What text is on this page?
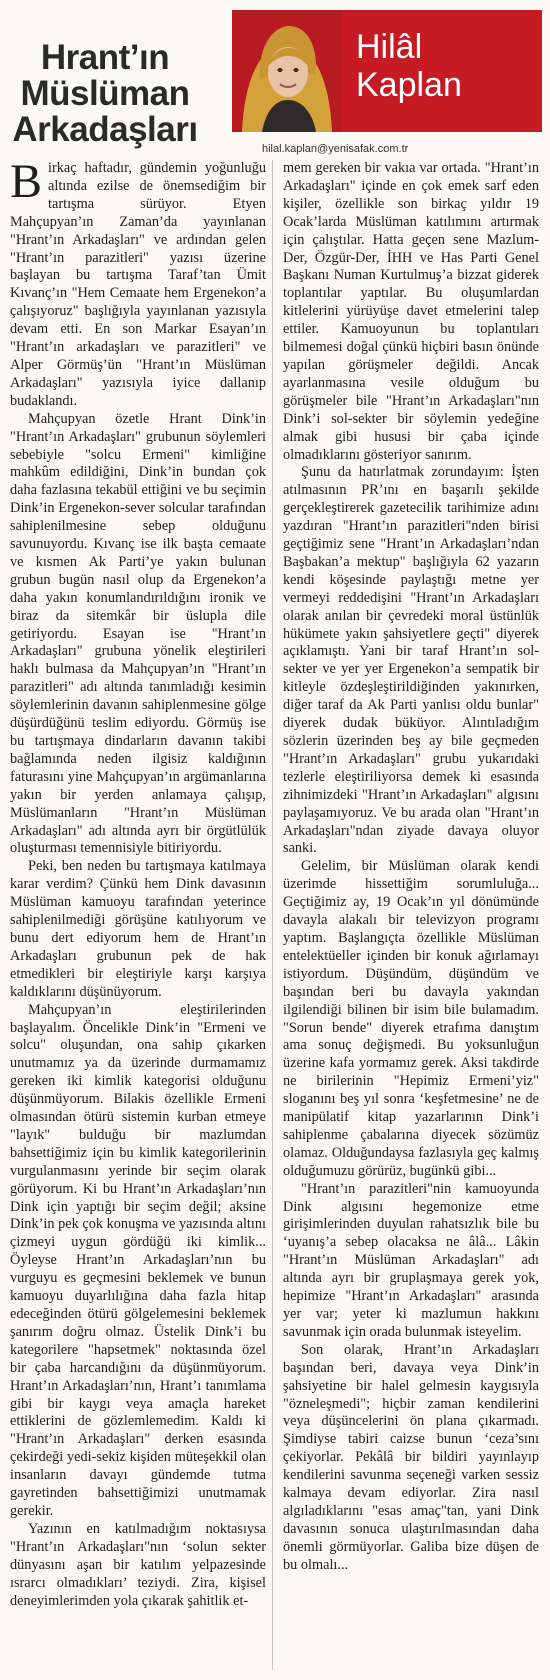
Hrant’ın Müslüman Arkadaşları
Hilâl Kaplan
hilal.kaplan@yenisafak.com.tr

Birkaç haftadır, gündemin yoğunluğu altında ezilse de önemsediğim bir tartışma sürüyor. Etyen Mahçupyan’ın Zaman’da yayınlanan "Hrant’ın Arkadaşları" ve ardından gelen "Hrant’ın parazitleri" yazısı üzerine başlayan bu tartışma Taraf’tan Ümit Kıvanç’ın "Hem Cemaate hem Ergenekon’a çalışıyoruz" başlığıyla yayınlanan yazısıyla devam etti. En son Markar Esayan’ın "Hrant’ın arkadaşları ve parazitleri" ve Alper Görmüş’ün "Hrant’ın Müslüman Arkadaşları" yazısıyla iyice dallanıp budaklandı.

Mahçupyan özetle Hrant Dink’in "Hrant’ın Arkadaşları" grubunun söylemleri sebebiyle "solcu Ermeni" kimliğine mahkûm edildiğini, Dink’in bundan çok daha fazlasına tekabül ettiğini ve bu seçimin Dink’in Ergenekon-sever solcular tarafından sahiplenilmesine sebep olduğunu savunuyordu. Kıvanç ise ilk başta cemaate ve kısmen Ak Parti’ye yakın bulunan grubun bugün nasıl olup da Ergenekon’a daha yakın konumlandırıldığını ironik ve biraz da sitemkâr bir üslupla dile getiriyordu. Esayan ise "Hrant’ın Arkadaşları" grubuna yönelik eleştirileri haklı bulmasa da Mahçupyan’ın "Hrant’ın parazitleri" adı altında tanımladığı kesimin söylemlerinin davanın sahiplenmesine gölge düşürdüğünü teslim ediyordu. Görmüş ise bu tartışmaya dindarların davanın takibi bağlamında neden ilgisiz kaldığının faturasını yine Mahçupyan’ın argümanlarına yakın bir yerden anlamaya çalışıp, Müslümanların "Hrant’ın Müslüman Arkadaşları" adı altında ayrı bir örgütlülük oluşturması temennisiyle bitiriyordu.

Peki, ben neden bu tartışmaya katılmaya karar verdim? Çünkü hem Dink davasının Müslüman kamuoyu tarafından yeterince sahiplenilmediği görüşüne katılıyorum ve bunu dert ediyorum hem de Hrant’ın Arkadaşları grubunun pek de hak etmedikleri bir eleştiriyle karşı karşıya kaldıklarını düşünüyorum.

Mahçupyan’ın eleştirilerinden başlayalım. Öncelikle Dink’in "Ermeni ve solcu" oluşundan, ona sahip çıkarken unutmamız ya da üzerinde durmamamız gereken iki kimlik kategorisi olduğunu düşünmüyorum. Bilakis özellikle Ermeni olmasından ötürü sistemin kurban etmeye "layık" bulduğu bir mazlumdan bahsettiğimiz için bu kimlik kategorilerinin vurgulanmasını yerinde bir seçim olarak görüyorum. Ki bu Hrant’ın Arkadaşları’nın Dink için yaptığı bir seçim değil; aksine Dink’in pek çok konuşma ve yazısında altını çizmeyi uygun gördüğü iki kimlik... Öyleyse Hrant’ın Arkadaşları’nın bu vurguyu es geçmesini beklemek ve bunun kamuoyu duyarlılığına daha fazla hitap edeceğinden ötürü gölgelemesini beklemek şanırım doğru olmaz. Üstelik Dink’i bu kategorilere "hapsetmek" noktasında özel bir çaba harcandığını da düşünmüyorum. Hrant’ın Arkadaşları’nın, Hrant’ı tanımlama gibi bir kaygı veya amaçla hareket ettiklerini de gözlemlemedim. Kaldı ki "Hrant’ın Arkadaşları" derken esasında çekirdeği yedi-sekiz kişiden müteşekkil olan insanların davayı gündemde tutma gayretinden bahsettiğimizi unutmamak gerekir.

Yazının en katılmadığım noktasıysa "Hrant’ın Arkadaşları"nın ‘solun sekter dünyasını aşan bir katılım yelpazesinde ısrarcı olmadıkları’ teziydi. Zira, kişisel deneyimlerimden yola çıkarak şahitlik et-

mem gereken bir vakıa var ortada. "Hrant’ın Arkadaşları" içinde en çok emek sarf eden kişiler, özellikle son birkaç yıldır 19 Ocak’larda Müslüman katılımını artırmak için çalıştılar. Hatta geçen sene Mazlum-Der, Özgür-Der, İHH ve Has Parti Genel Başkanı Numan Kurtulmuş’a bizzat giderek toplantılar yaptılar. Bu oluşumlardan kitlelerini yürüyüşe davet etmelerini talep ettiler. Kamuoyunun bu toplantıları bilmemesi doğal çünkü hiçbiri basın önünde yapılan görüşmeler değildi. Ancak ayarlanmasına vesile olduğum bu görüşmeler bile "Hrant’ın Arkadaşları"nın Dink’i sol-sekter bir söylemin yedeğine almak gibi hususi bir çaba içinde olmadıklarını gösteriyor sanırım.

Şunu da hatırlatmak zorundayım: İşten atılmasının PR’ını en başarılı şekilde gerçekleştirerek gazetecilik tarihimize adını yazdıran "Hrant’ın parazitleri"nden birisi geçtiğimiz sene "Hrant’ın Arkadaşları’ndan Başbakan’a mektup" başlığıyla 62 yazarın kendi köşesinde paylaştığı metne yer vermeyi reddedişini "Hrant’ın Arkadaşları olarak anılan bir çevredeki moral üstünlük hükümete yakın şahsiyetlere geçti" diyerek açıklamıştı. Yani bir taraf Hrant’ın sol-sekter ve yer yer Ergenekon’a sempatik bir kitleyle özdeşleştirildiğinden yakınırken, diğer taraf da Ak Parti yanlısı oldu bunlar" diyerek dudak büküyor. Alıntıladığım sözlerin üzerinden beş ay bile geçmeden "Hrant’ın Arkadaşları" grubu yukarıdaki tezlerle eleştiriliyorsa demek ki esasında zihnimizdeki "Hrant’ın Arkadaşları" algısını paylaşamıyoruz. Ve bu arada olan "Hrant’ın Arkadaşları"ndan ziyade davaya oluyor sanki.

Gelelim, bir Müslüman olarak kendi üzerimde hissettiğim sorumluluğa... Geçtiğimiz ay, 19 Ocak’ın yıl dönümünde davayla alakalı bir televizyon programı yaptım. Başlangıçta özellikle Müslüman entelektüeller içinden bir konuk ağırlamayı istiyordum. Düşündüm, düşündüm ve başından beri bu davayla yakından ilgilendiği bilinen bir isim bile bulamadım. "Sorun bende" diyerek etrafıma danıştım ama sonuç değişmedi. Bu yoksunluğun üzerine kafa yormamız gerek. Aksi takdirde ne birilerinin "Hepimiz Ermeni’yiz" sloganını beş yıl sonra ‘keşfetmesine’ ne de manipülatif kitap yazarlarının Dink’i sahiplenme çabalarına diyecek sözümüz olamaz. Olduğundaysa fazlasıyla geç kalmış olduğumuzu görürüz, bugünkü gibi...

"Hrant’ın parazitleri"nin kamuoyunda Dink algısını hegemonize etme girişimlerinden duyulan rahatsızlık bile bu ‘uyanış’a sebep olacaksa ne âlâ... Lâkin "Hrant’ın Müslüman Arkadaşları" adı altında ayrı bir gruplaşmaya gerek yok, hepimize "Hrant’ın Arkadaşları" arasında yer var; yeter ki mazlumun hakkını savunmak için orada bulunmak isteyelim.

Son olarak, Hrant’ın Arkadaşları başından beri, davaya veya Dink’in şahsiyetine bir halel gelmesin kaygısıyla "özneleşmedi"; hiçbir zaman kendilerini veya düşüncelerini ön plana çıkarmadı. Şimdiyse tabiri caizse bunun ‘ceza’sını çekiyorlar. Pekâlâ bir bildiri yayınlayıp kendilerini savunma seçeneği varken sessiz kalmaya devam ediyorlar. Zira nasıl algıladıklarını "esas amaç"tan, yani Dink davasının sonuca ulaştırılmasından daha önemli görmüyorlar. Galiba bize düşen de bu olmalı...
